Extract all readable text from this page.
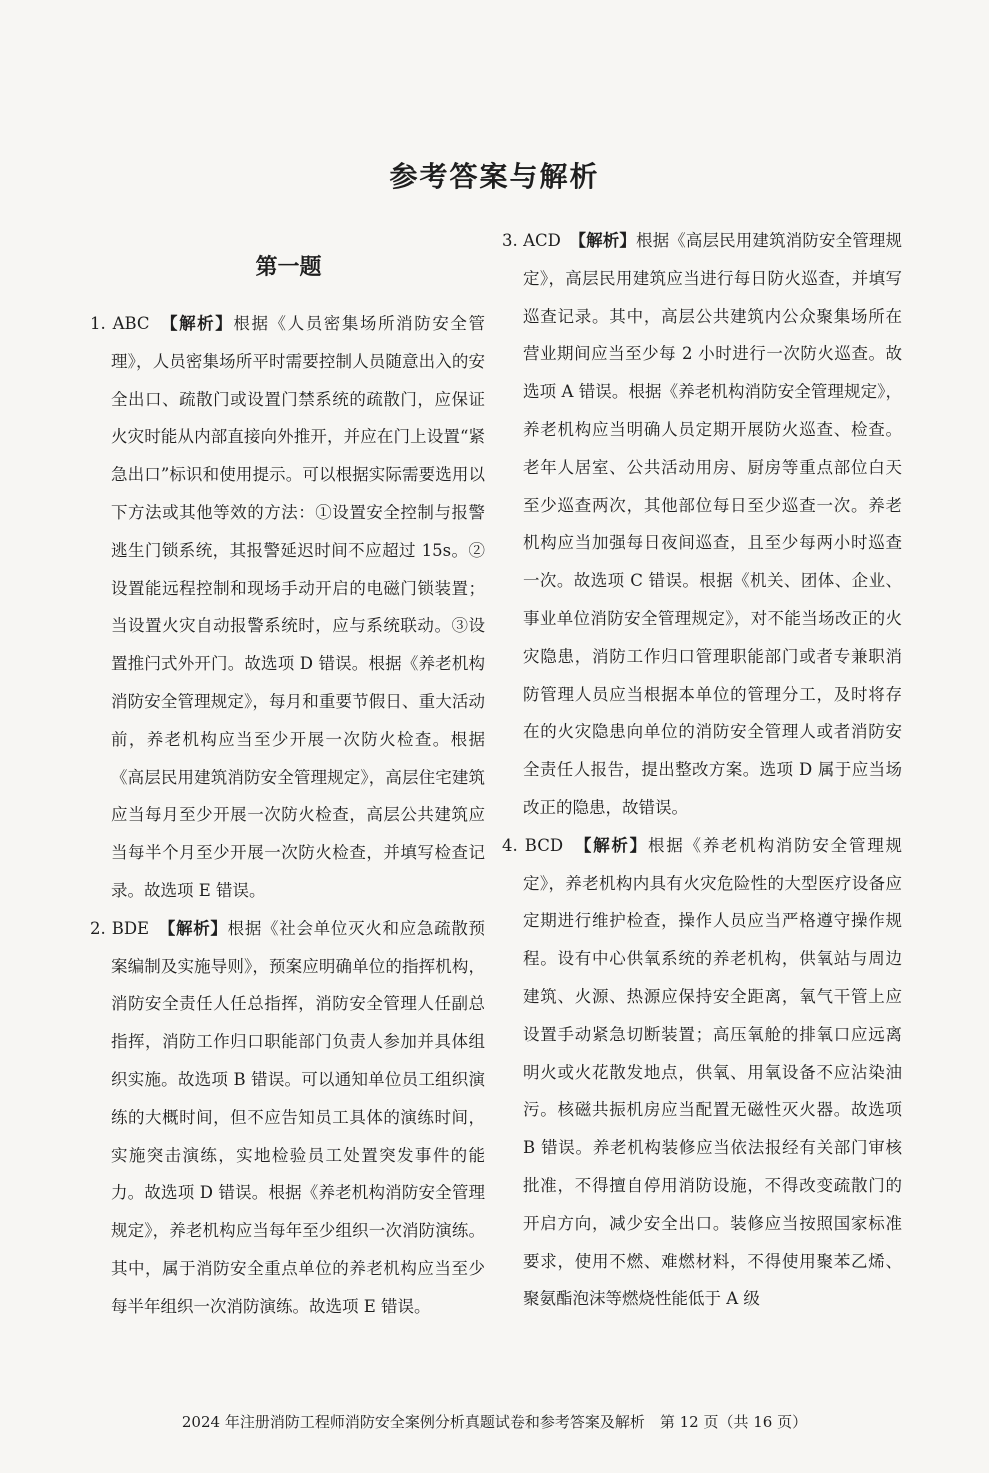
参考答案与解析
第一题

1. ABC　 【解析】根据《人员密集场所消防安全管理》，人员密集场所平时需要控制人员随意出入的安全出口、疏散门或设置门禁系统的疏散门，应保证火灾时能从内部直接向外推开，并应在门上设置“紧急出口”标识和使用提示。可以根据实际需要选用以下方法或其他等效的方法：①设置安全控制与报警逃生门锁系统，其报警延迟时间不应超过 15s。②设置能远程控制和现场手动开启的电磁门锁装置；当设置火灾自动报警系统时，应与系统联动。③设置推闩式外开门。故选项 D 错误。根据《养老机构消防安全管理规定》，每月和重要节假日、重大活动前，养老机构应当至少开展一次防火检查。根据《高层民用建筑消防安全管理规定》，高层住宅建筑应当每月至少开展一次防火检查，高层公共建筑应当每半个月至少开展一次防火检查，并填写检查记录。故选项 E 错误。

2. BDE　 【解析】根据《社会单位灭火和应急疏散预案编制及实施导则》，预案应明确单位的指挥机构，消防安全责任人任总指挥，消防安全管理人任副总指挥，消防工作归口职能部门负责人参加并具体组织实施。故选项 B 错误。可以通知单位员工组织演练的大概时间，但不应告知员工具体的演练时间，实施突击演练，实地检验员工处置突发事件的能力。故选项 D 错误。根据《养老机构消防安全管理规定》，养老机构应当每年至少组织一次消防演练。其中，属于消防安全重点单位的养老机构应当至少每半年组织一次消防演练。故选项 E 错误。

3. ACD　 【解析】根据《高层民用建筑消防安全管理规定》，高层民用建筑应当进行每日防火巡查，并填写巡查记录。其中，高层公共建筑内公众聚集场所在营业期间应当至少每 2 小时进行一次防火巡查。故选项 A 错误。根据《养老机构消防安全管理规定》，养老机构应当明确人员定期开展防火巡查、检查。老年人居室、公共活动用房、厨房等重点部位白天至少巡查两次，其他部位每日至少巡查一次。养老机构应当加强每日夜间巡查，且至少每两小时巡查一次。故选项 C 错误。根据《机关、团体、企业、事业单位消防安全管理规定》，对不能当场改正的火灾隐患，消防工作归口管理职能部门或者专兼职消防管理人员应当根据本单位的管理分工，及时将存在的火灾隐患向单位的消防安全管理人或者消防安全责任人报告，提出整改方案。选项 D 属于应当场改正的隐患，故错误。

4. BCD　 【解析】根据《养老机构消防安全管理规定》，养老机构内具有火灾危险性的大型医疗设备应定期进行维护检查，操作人员应当严格遵守操作规程。设有中心供氧系统的养老机构，供氧站与周边建筑、火源、热源应保持安全距离，氧气干管上应设置手动紧急切断装置；高压氧舱的排氧口应远离明火或火花散发地点，供氧、用氧设备不应沾染油污。核磁共振机房应当配置无磁性灭火器。故选项 B 错误。养老机构装修应当依法报经有关部门审核批准，不得擅自停用消防设施，不得改变疏散门的开启方向，减少安全出口。装修应当按照国家标准要求，使用不燃、难燃材料，不得使用聚苯乙烯、聚氨酯泡沫等燃烧性能低于 A 级

2024 年注册消防工程师消防安全案例分析真题试卷和参考答案及解析　第 12 页（共 16 页）
